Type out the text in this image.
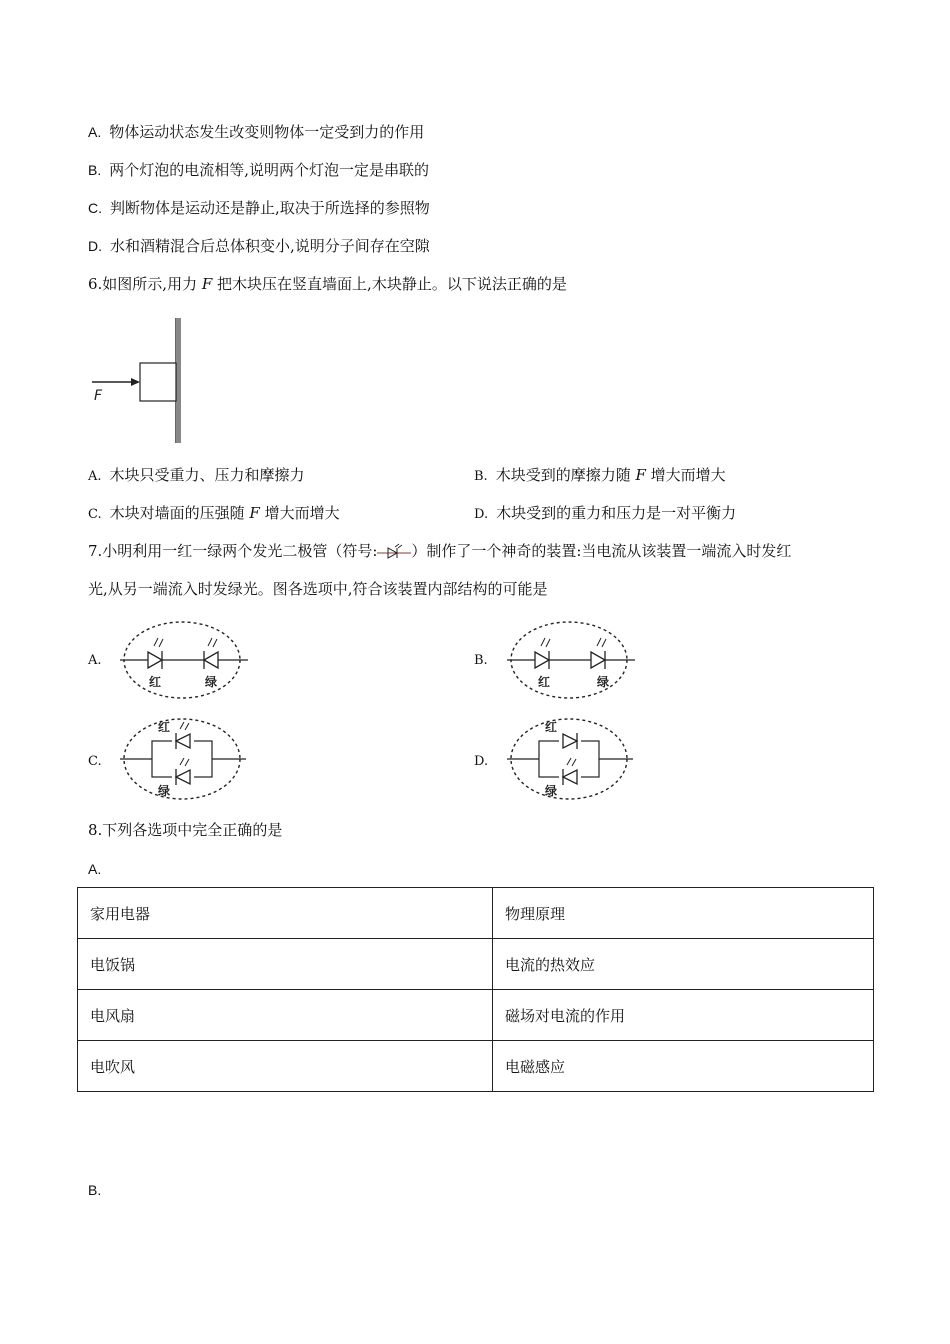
A. 物体运动状态发生改变则物体一定受到力的作用
B. 两个灯泡的电流相等,说明两个灯泡一定是串联的
C. 判断物体是运动还是静止,取决于所选择的参照物
D. 水和酒精混合后总体积变小,说明分子间存在空隙
6.如图所示,用力 F 把木块压在竖直墙面上,木块静止。以下说法正确的是
F
A. 木块只受重力、压力和摩擦力	B. 木块受到的摩擦力随 F 增大而增大
C. 木块对墙面的压强随 F 增大而增大	D. 木块受到的重力和压力是一对平衡力
7.小明利用一红一绿两个发光二极管（符号: ）制作了一个神奇的装置:当电流从该装置一端流入时发红
光,从另一端流入时发绿光。图各选项中,符合该装置内部结构的可能是
A.	B.
C.	D.
红	绿	红	绿
红
绿
红
绿
8.下列各选项中完全正确的是
A.
家用电器	物理原理
电饭锅	电流的热效应
电风扇	磁场对电流的作用
电吹风	电磁感应
B.
